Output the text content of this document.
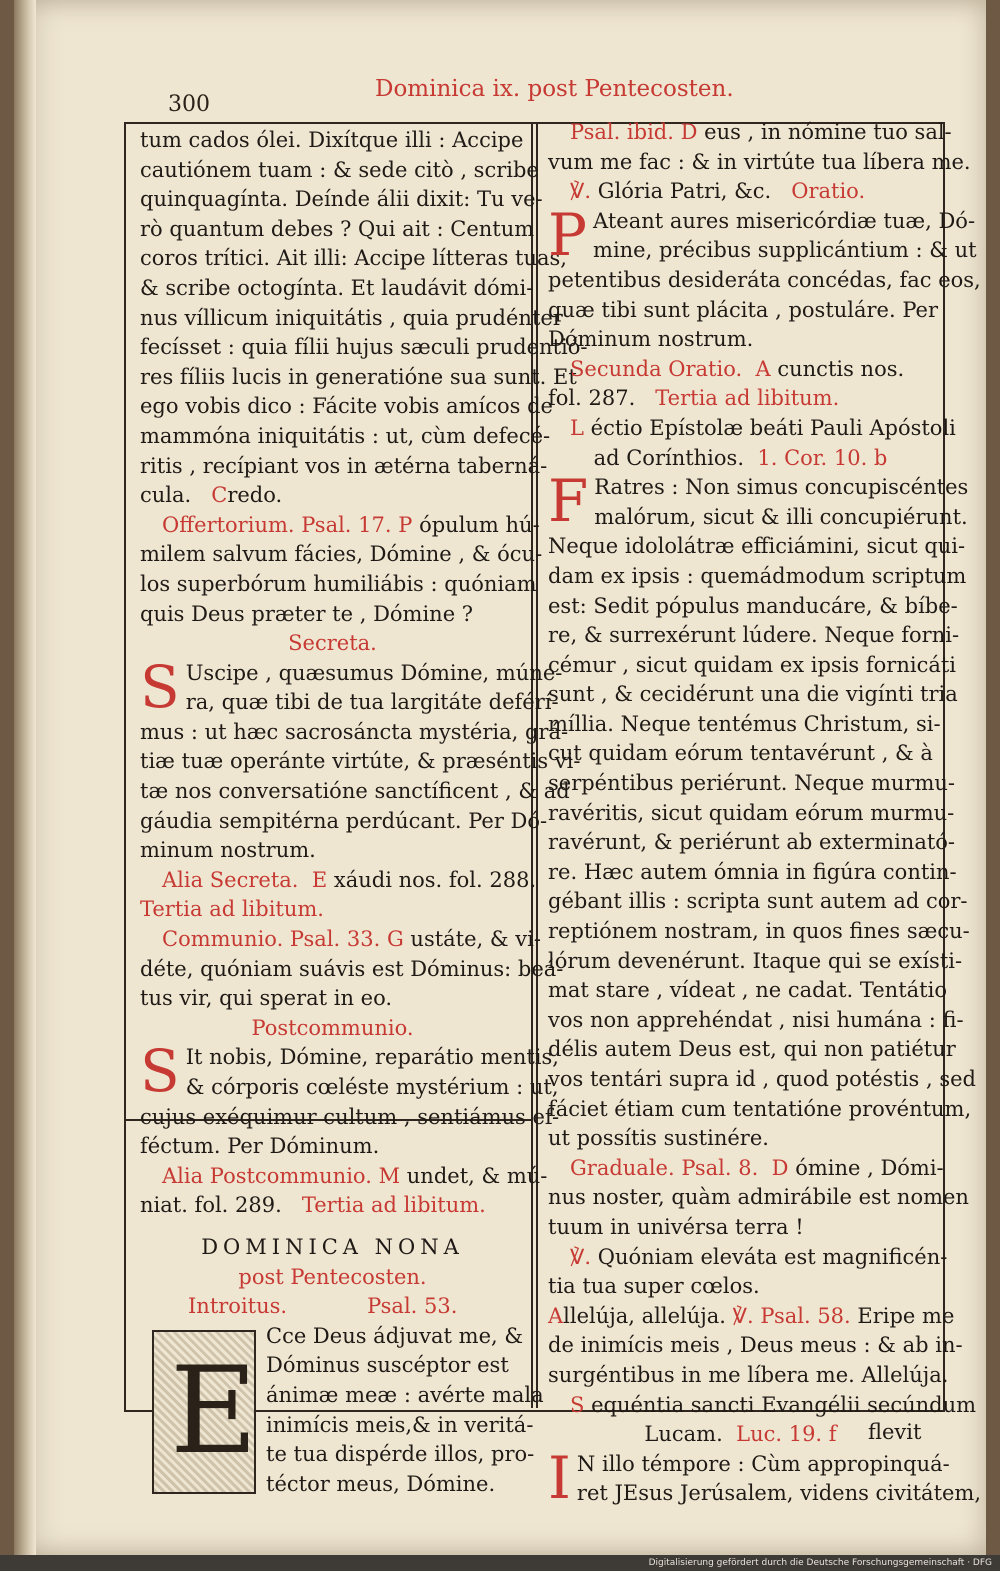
300
Dominica ix. post Pentecosten.
tum cados ólei. Dixítque illi : Accipe
cautiónem tuam : & sede citò , scribe
quinquagínta. Deínde álii dixit: Tu ve-
rò quantum debes ? Qui ait : Centum
coros trítici. Ait illi: Accipe lítteras tuas,
& scribe octogínta. Et laudávit dómi-
nus víllicum iniquitátis , quia prudénter
fecísset : quia fílii hujus sæculi prudentió-
res fíliis lucis in generatióne sua sunt. Et
ego vobis dico : Fácite vobis amícos de
mammóna iniquitátis : ut, cùm defecé-
ritis , recípiant vos in ætérna taberná-
cula. Credo.
Offertorium. Psal. 17. P ópulum hú-
milem salvum fácies, Dómine , & ócu-
los superbórum humiliábis : quóniam
quis Deus præter te , Dómine ?
Secreta.
S Uscipe , quæsumus Dómine, múne-
ra, quæ tibi de tua largitáte deférí-
mus : ut hæc sacrosáncta mystéria, grá-
tiæ tuæ operánte virtúte, & præséntis vi-
tæ nos conversatióne sanctíficent , & ad
gáudia sempitérna perdúcant. Per Dó-
minum nostrum.
Alia Secreta. E xáudi nos. fol. 288.
Tertia ad libitum.
Communio. Psal. 33. G ustáte, & vi-
déte, quóniam suávis est Dóminus: beá-
tus vir, qui sperat in eo.
Postcommunio.
S It nobis, Dómine, reparátio mentis,
& córporis cœléste mystérium : ut,
cujus exéquimur cultum , sentiámus ef-
féctum. Per Dóminum.
Alia Postcommunio. M undet, & mú-
niat. fol. 289. Tertia ad libitum.
DOMINICA NONA
post Pentecosten.
Introitus.	Psal. 53.
E
Cce Deus ádjuvat me, &
Dóminus suscéptor est
ánimæ meæ : avérte mala
inimícis meis,& in veritá-
te tua dispérde illos, pro-
téctor meus, Dómine.
Psal. ibid. D eus , in nómine tuo sal-
vum me fac : & in virtúte tua líbera me.
℣. Glória Patri, &c. Oratio.
P Ateant aures misericórdiæ tuæ, Dó-
mine, précibus supplicántium : & ut
petentibus desideráta concédas, fac eos,
quæ tibi sunt plácita , postuláre. Per
Dóminum nostrum.
Secunda Oratio. A cunctis nos.
fol. 287. Tertia ad libitum.
L éctio Epístolæ beáti Pauli Apóstoli
ad Corínthios. 1. Cor. 10. b
F Ratres : Non simus concupiscéntes
malórum, sicut & illi concupiérunt.
Neque idololátræ efficiámini, sicut qui-
dam ex ipsis : quemádmodum scriptum
est: Sedit pópulus manducáre, & bíbe-
re, & surrexérunt lúdere. Neque forni-
cémur , sicut quidam ex ipsis fornicáti
sunt , & cecidérunt una die vigínti tria
míllia. Neque tentémus Christum, si-
cut quidam eórum tentavérunt , & à
serpéntibus periérunt. Neque murmu-
ravéritis, sicut quidam eórum murmu-
ravérunt, & periérunt ab exterminató-
re. Hæc autem ómnia in figúra contin-
gébant illis : scripta sunt autem ad cor-
reptiónem nostram, in quos fines sæcu-
lórum devenérunt. Itaque qui se exísti-
mat stare , vídeat , ne cadat. Tentátio
vos non apprehéndat , nisi humána : fi-
délis autem Deus est, qui non patiétur
vos tentári supra id , quod potéstis , sed
fáciet étiam cum tentatióne provéntum,
ut possítis sustinére.
Graduale. Psal. 8. D ómine , Dómi-
nus noster, quàm admirábile est nomen
tuum in univérsa terra !
℣. Quóniam eleváta est magnificén-
tia tua super cœlos.
Allelúja, allelúja. ℣. Psal. 58. Eripe me
de inimícis meis , Deus meus : & ab in-
surgéntibus in me líbera me. Allelúja.
S equéntia sancti Evangélii secúndum
Lucam. Luc. 19. f
I N illo témpore : Cùm appropinquá-
ret JEsus Jerúsalem, videns civitátem,
flevit
Digitalisierung gefördert durch die Deutsche Forschungsgemeinschaft · DFG
